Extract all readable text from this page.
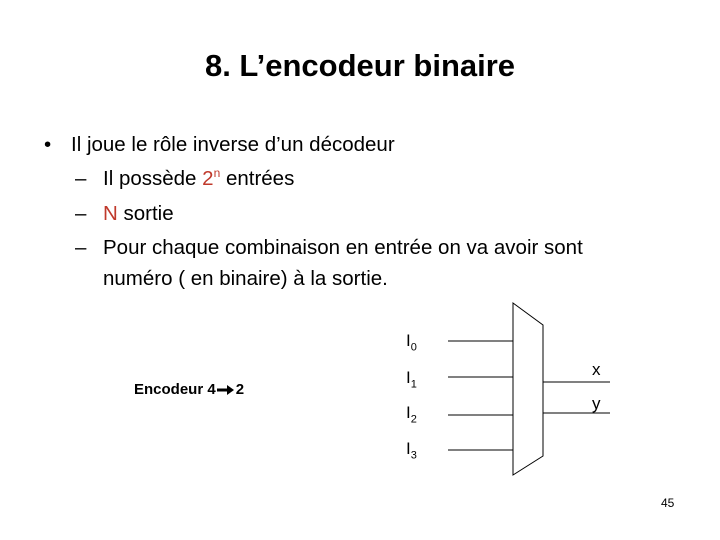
8. L’encodeur binaire
• Il joue le rôle inverse d’un décodeur
– Il possède 2$^n$ entrées
– N sortie
– Pour chaque combinaison en entrée on va avoir sont
numéro ( en binaire) à la sortie.
Encodeur 4 2
$I_0$
$I_1$
$I_2$
$I_3$
x
y
45
